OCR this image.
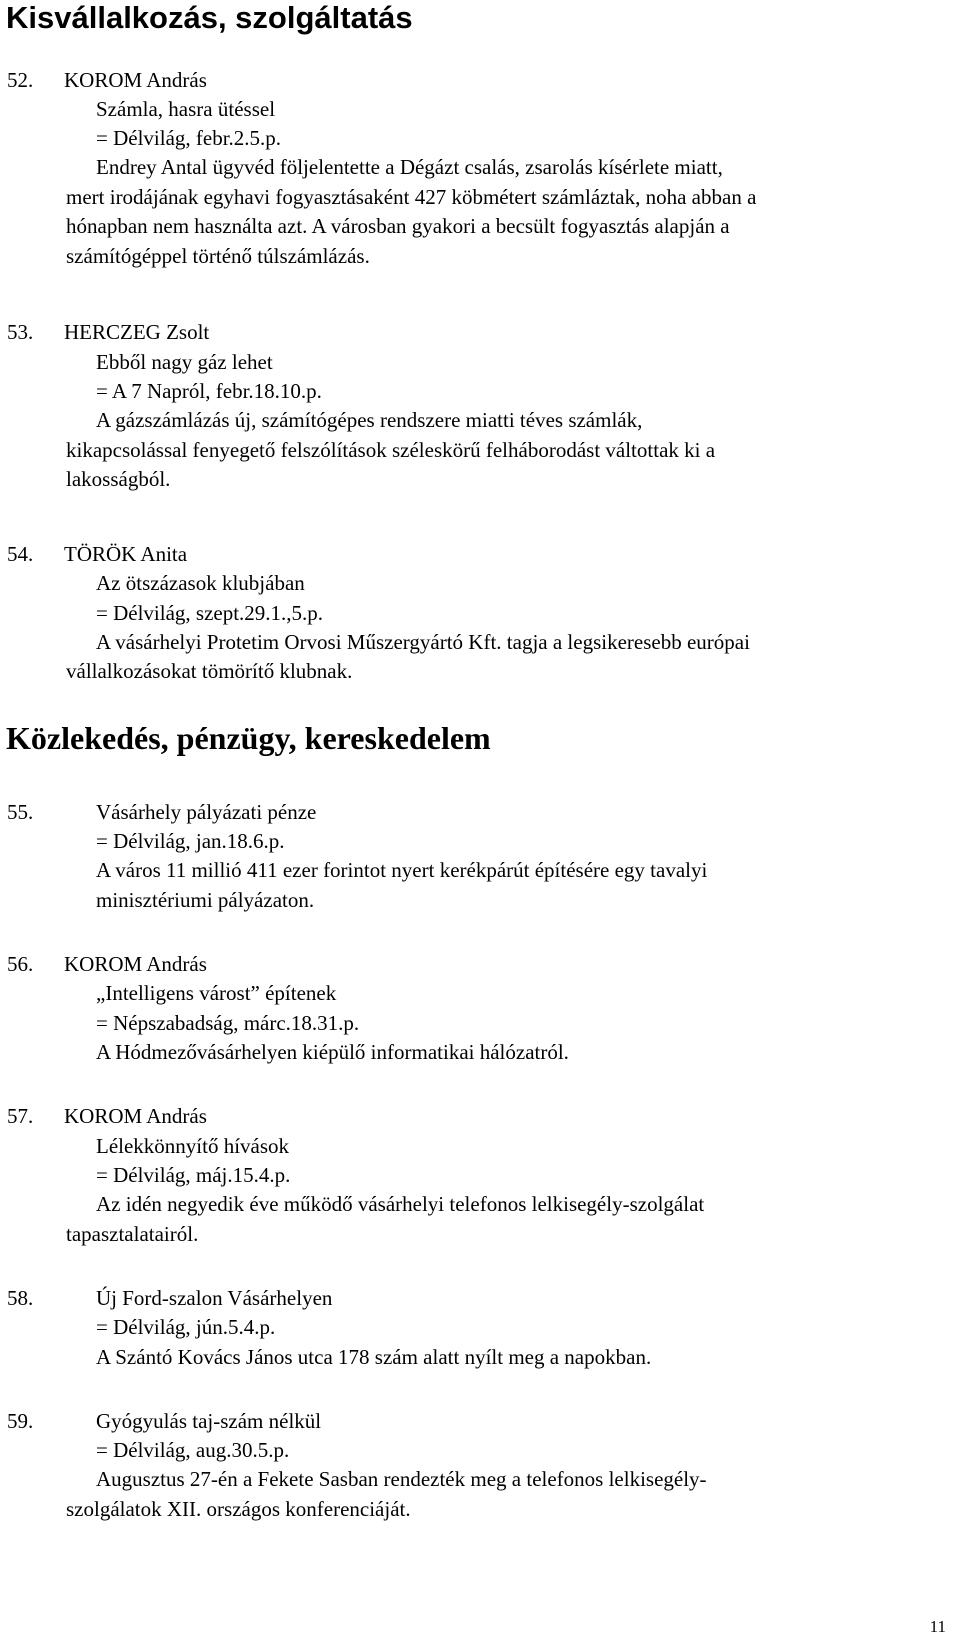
Kisvállalkozás, szolgáltatás
52. KOROM András
Számla, hasra ütéssel
= Délvilág, febr.2.5.p.
Endrey Antal ügyvéd följelentette a Dégázt csalás, zsarolás kísérlete miatt,
mert irodájának egyhavi fogyasztásaként 427 köbmétert számláztak, noha abban a
hónapban nem használta azt. A városban gyakori a becsült fogyasztás alapján a
számítógéppel történő túlszámlázás.
53. HERCZEG Zsolt
Ebből nagy gáz lehet
= A 7 Napról, febr.18.10.p.
A gázszámlázás új, számítógépes rendszere miatti téves számlák,
kikapcsolással fenyegető felszólítások széleskörű felháborodást váltottak ki a
lakosságból.
54. TÖRÖK Anita
Az ötszázasok klubjában
= Délvilág, szept.29.1.,5.p.
A vásárhelyi Protetim Orvosi Műszergyártó Kft. tagja a legsikeresebb európai
vállalkozásokat tömörítő klubnak.
Közlekedés, pénzügy, kereskedelem
55.	Vásárhely pályázati pénze
= Délvilág, jan.18.6.p.
A város 11 millió 411 ezer forintot nyert kerékpárút építésére egy tavalyi
minisztériumi pályázaton.
56. KOROM András
„Intelligens várost” építenek
= Népszabadság, márc.18.31.p.
A Hódmezővásárhelyen kiépülő informatikai hálózatról.
57. KOROM András
Lélekkönnyítő hívások
= Délvilág, máj.15.4.p.
Az idén negyedik éve működő vásárhelyi telefonos lelkisegély-szolgálat
tapasztalatairól.
58.	Új Ford-szalon Vásárhelyen
= Délvilág, jún.5.4.p.
A Szántó Kovács János utca 178 szám alatt nyílt meg a napokban.
59.	Gyógyulás taj-szám nélkül
= Délvilág, aug.30.5.p.
Augusztus 27-én a Fekete Sasban rendezték meg a telefonos lelkisegély-
szolgálatok XII. országos konferenciáját.
11
